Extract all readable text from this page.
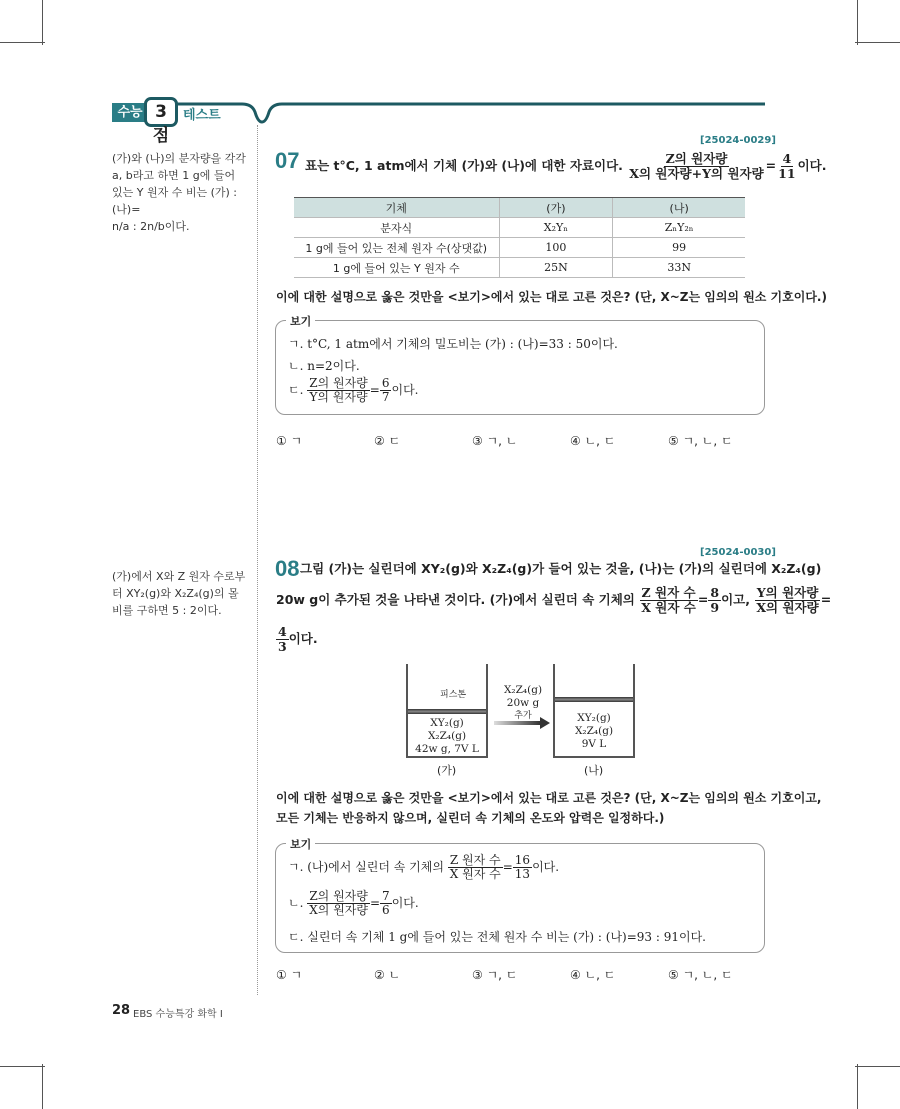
수능 3점
테스트
(가)와 (나)의 분자량을 각각 a, b라고 하면 1 g에 들어 있는 Y 원자 수 비는 (가) : (나)=
n/a : 2n/b이다.
(가)에서 X와 Z 원자 수로부터 XY₂(g)와 X₂Z₄(g)의 몰비를 구하면 5 : 2이다.
[25024-0029]
07 표는 t°C, 1 atm에서 기체 (가)와 (나)에 대한 자료이다. $\frac{\text{Z의 원자량}}{\text{X의 원자량+Y의 원자량}} = \frac{4}{11}$ 이다.
기체	(가)	(나)
분자식	X₂Yₙ	ZₙY₂ₙ
1 g에 들어 있는 전체 원자 수(상댓값)	100	99
1 g에 들어 있는 Y 원자 수	25N	33N
이에 대한 설명으로 옳은 것만을 <보기>에서 있는 대로 고른 것은? (단, X~Z는 임의의 원소 기호이다.)
보기
ㄱ. t°C, 1 atm에서 기체의 밀도비는 (가) : (나)=33 : 50이다.
ㄴ. n=2이다.
ㄷ. $\frac{\text{Z의 원자량}}{\text{Y의 원자량}} = \frac{6}{7}$ 이다.
① ㄱ	② ㄷ	③ ㄱ, ㄴ	④ ㄴ, ㄷ	⑤ ㄱ, ㄴ, ㄷ
[25024-0030]
08 그림 (가)는 실린더에 XY₂(g)와 X₂Z₄(g)가 들어 있는 것을, (나)는 (가)의 실린더에 X₂Z₄(g)
20w g이 추가된 것을 나타낸 것이다. (가)에서 실린더 속 기체의 $\frac{\text{Z 원자 수}}{\text{X 원자 수}} = \frac{8}{9}$ 이고, $\frac{\text{Y의 원자량}}{\text{X의 원자량}}$ =
$\frac{4}{3}$ 이다.
피스톤
XY₂(g)
X₂Z₄(g)
42w g, 7V L
X₂Z₄(g)
20w g
추가	XY₂(g)
X₂Z₄(g)
9V L
(가)	(나)
이에 대한 설명으로 옳은 것만을 <보기>에서 있는 대로 고른 것은? (단, X~Z는 임의의 원소 기호이고,
모든 기체는 반응하지 않으며, 실린더 속 기체의 온도와 압력은 일정하다.)
보기
ㄱ. (나)에서 실린더 속 기체의 $\frac{\text{Z 원자 수}}{\text{X 원자 수}} = \frac{16}{13}$ 이다.
ㄴ. $\frac{\text{Z의 원자량}}{\text{X의 원자량}} = \frac{7}{6}$ 이다.
ㄷ. 실린더 속 기체 1 g에 들어 있는 전체 원자 수 비는 (가) : (나)=93 : 91이다.
① ㄱ	② ㄴ	③ ㄱ, ㄷ	④ ㄴ, ㄷ	⑤ ㄱ, ㄴ, ㄷ
28 EBS 수능특강 화학 Ⅰ
